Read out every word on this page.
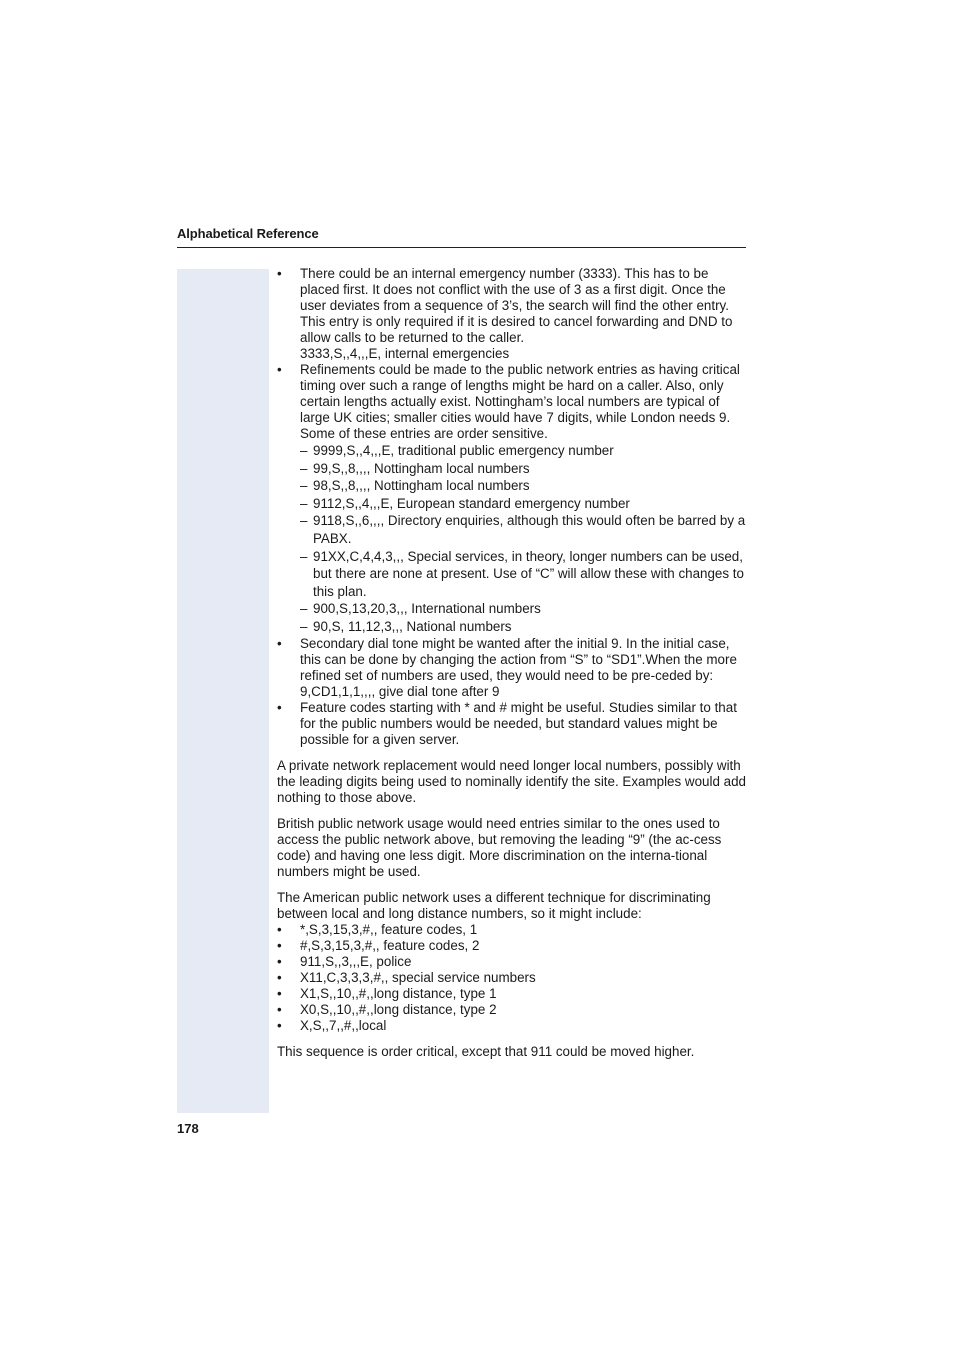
Alphabetical Reference

• There could be an internal emergency number (3333). This has to be placed first. It does not conflict with the use of 3 as a first digit. Once the user deviates from a sequence of 3’s, the search will find the other entry. This entry is only required if it is desired to cancel forwarding and DND to allow calls to be returned to the caller.

3333,S,,4,,,E, internal emergencies

• Refinements could be made to the public network entries as having critical timing over such a range of lengths might be hard on a caller. Also, only certain lengths actually exist. Nottingham’s local numbers are typical of large UK cities; smaller cities would have 7 digits, while London needs 9. Some of these entries are order sensitive.

– 9999,S,,4,,,E, traditional public emergency number
– 99,S,,8,,,, Nottingham local numbers
– 98,S,,8,,,, Nottingham local numbers
– 9112,S,,4,,,E, European standard emergency number
– 9118,S,,6,,,, Directory enquiries, although this would often be barred by a PABX.
– 91XX,C,4,4,3,,, Special services, in theory, longer numbers can be used, but there are none at present. Use of “C” will allow these with changes to this plan.
– 900,S,13,20,3,,, International numbers
– 90,S, 11,12,3,,, National numbers

• Secondary dial tone might be wanted after the initial 9. In the initial case, this can be done by changing the action from “S” to “SD1”.When the more refined set of numbers are used, they would need to be pre-ceded by:

9,CD1,1,1,,,, give dial tone after 9

• Feature codes starting with * and # might be useful. Studies similar to that for the public numbers would be needed, but standard values might be possible for a given server.

A private network replacement would need longer local numbers, possibly with the leading digits being used to nominally identify the site. Examples would add nothing to those above.

British public network usage would need entries similar to the ones used to access the public network above, but removing the leading “9” (the ac-cess code) and having one less digit. More discrimination on the interna-tional numbers might be used.

The American public network uses a different technique for discriminating between local and long distance numbers, so it might include:

• *,S,3,15,3,#,, feature codes, 1
• #,S,3,15,3,#,, feature codes, 2
• 911,S,,3,,,E, police
• X11,C,3,3,3,#,, special service numbers
• X1,S,,10,,#,,long distance, type 1
• X0,S,,10,,#,,long distance, type 2
• X,S,,7,,#,,local

This sequence is order critical, except that 911 could be moved higher.

178
